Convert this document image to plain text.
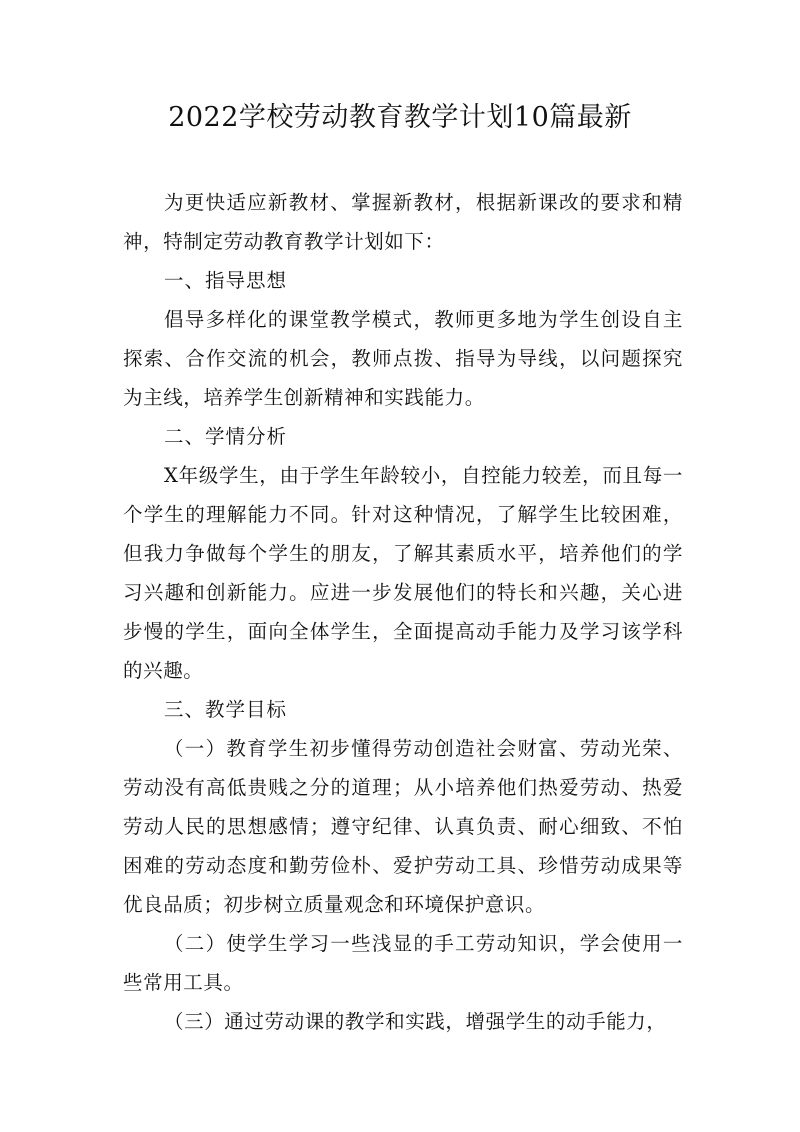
2022学校劳动教育教学计划10篇最新

为更快适应新教材、掌握新教材，根据新课改的要求和精神，特制定劳动教育教学计划如下：

一、指导思想

倡导多样化的课堂教学模式，教师更多地为学生创设自主探索、合作交流的机会，教师点拨、指导为导线，以问题探究为主线，培养学生创新精神和实践能力。

二、学情分析

X年级学生，由于学生年龄较小，自控能力较差，而且每一个学生的理解能力不同。针对这种情况，了解学生比较困难，但我力争做每个学生的朋友，了解其素质水平，培养他们的学习兴趣和创新能力。应进一步发展他们的特长和兴趣，关心进步慢的学生，面向全体学生，全面提高动手能力及学习该学科的兴趣。

三、教学目标

（一）教育学生初步懂得劳动创造社会财富、劳动光荣、劳动没有高低贵贱之分的道理；从小培养他们热爱劳动、热爱劳动人民的思想感情；遵守纪律、认真负责、耐心细致、不怕困难的劳动态度和勤劳俭朴、爱护劳动工具、珍惜劳动成果等优良品质；初步树立质量观念和环境保护意识。

（二）使学生学习一些浅显的手工劳动知识，学会使用一些常用工具。

（三）通过劳动课的教学和实践，增强学生的动手能力，
